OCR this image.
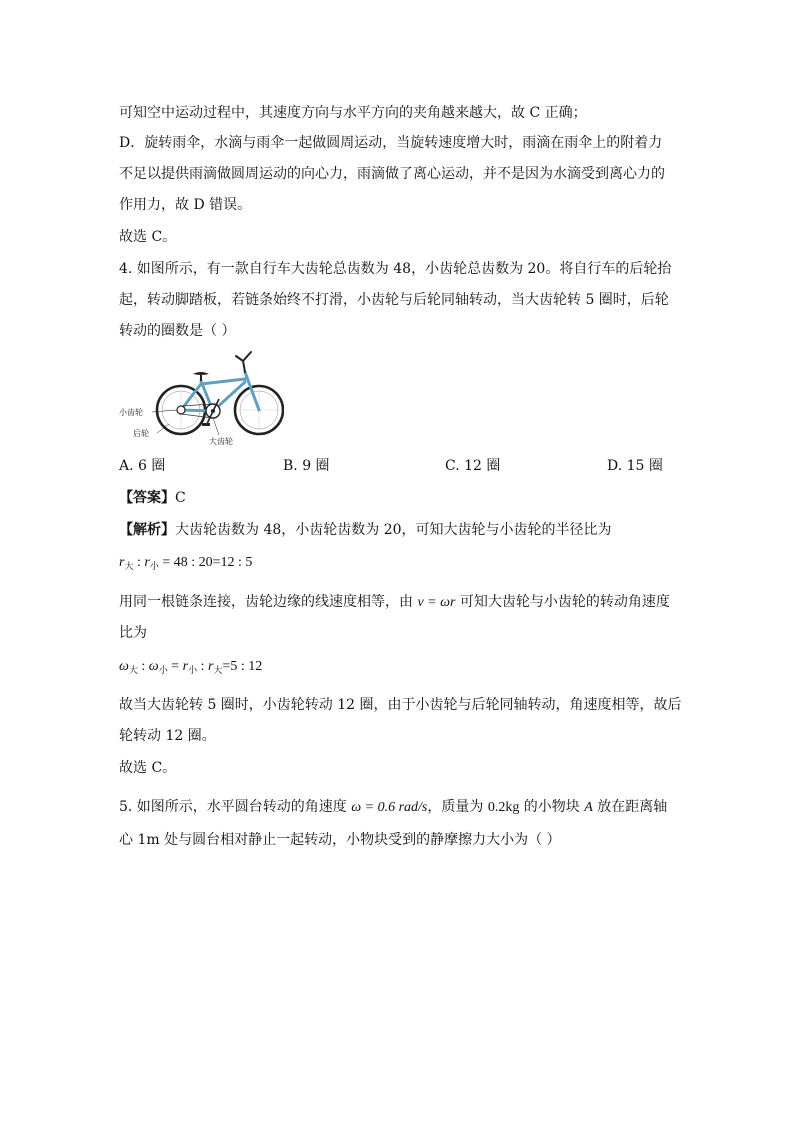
可知空中运动过程中，其速度方向与水平方向的夹角越来越大，故 C 正确；
D．旋转雨伞，水滴与雨伞一起做圆周运动，当旋转速度增大时，雨滴在雨伞上的附着力
不足以提供雨滴做圆周运动的向心力，雨滴做了离心运动，并不是因为水滴受到离心力的
作用力，故 D 错误。
故选 C。
4. 如图所示，有一款自行车大齿轮总齿数为 48，小齿轮总齿数为 20。将自行车的后轮抬
起，转动脚踏板，若链条始终不打滑，小齿轮与后轮同轴转动，当大齿轮转 5 圈时，后轮
转动的圈数是（ ）
小齿轮
后轮
大齿轮
A. 6 圈	B. 9 圈	C. 12 圈	D. 15 圈
【答案】C
【解析】大齿轮齿数为 48，小齿轮齿数为 20，可知大齿轮与小齿轮的半径比为
$r_大$ : $r_小 = 48$ : 20=12 : 5
用同一根链条连接，齿轮边缘的线速度相等，由 v = ωr 可知大齿轮与小齿轮的转动角速度
比为
$\omega_大$ : $\omega_小 = r_小$ : $r_大=5$ : 12
故当大齿轮转 5 圈时，小齿轮转动 12 圈，由于小齿轮与后轮同轴转动，角速度相等，故后
轮转动 12 圈。
故选 C。
5. 如图所示，水平圆台转动的角速度 ω = 0.6 rad/s，质量为 0.2kg 的小物块 A 放在距离轴
心 1m 处与圆台相对静止一起转动，小物块受到的静摩擦力大小为（ ）
